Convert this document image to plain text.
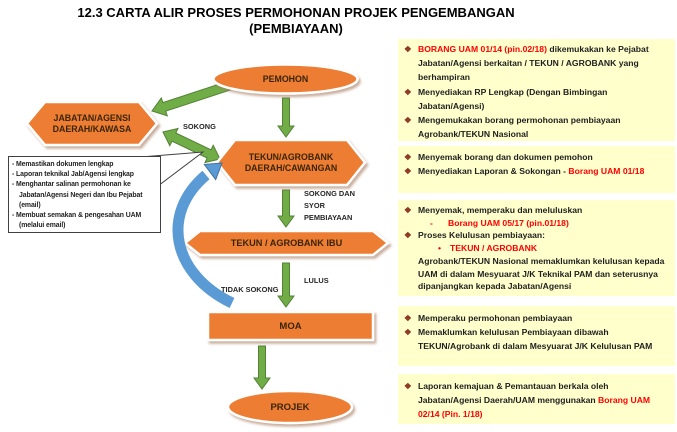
12.3 CARTA ALIR PROSES PERMOHONAN PROJEK PENGEMBANGAN
(PEMBIAYAAN)
PEMOHON
JABATAN/AGENSI
DAERAH/KAWASA
TEKUN/AGROBANK
DAERAH/CAWANGAN
TEKUN / AGROBANK IBU
MOA
PROJEK
SOKONG
SOKONG DAN SYOR PEMBIAYAAN
LULUS
TIDAK SOKONG
- Memastikan dokumen lengkap
- Laporan teknikal Jab/Agensi lengkap
- Menghantar salinan permohonan ke Jabatan/Agensi Negeri dan Ibu Pejabat (email)
- Membuat semakan & pengesahan UAM (melalui email)
❖ BORANG UAM 01/14 (pin.02/18) dikemukakan ke Pejabat Jabatan/Agensi berkaitan / TEKUN / AGROBANK yang berhampiran
❖ Menyediakan RP Lengkap (Dengan Bimbingan Jabatan/Agensi)
❖ Mengemukakan borang permohonan pembiayaan Agrobank/TEKUN Nasional
❖ Menyemak borang dan dokumen pemohon
❖ Menyediakan Laporan & Sokongan - Borang UAM 01/18
❖ Menyemak, memperaku dan meluluskan
-	Borang UAM 05/17 (pin.01/18)
❖ Proses Kelulusan pembiayaan:
•	TEKUN / AGROBANK
Agrobank/TEKUN Nasional memaklumkan kelulusan kepada UAM di dalam Mesyuarat J/K Teknikal PAM dan seterusnya dipanjangkan kepada Jabatan/Agensi
❖ Memperaku permohonan pembiayaan
❖ Memaklumkan kelulusan Pembiayaan dibawah TEKUN/Agrobank di dalam Mesyuarat J/K Kelulusan PAM
❖ Laporan kemajuan & Pemantauan berkala oleh Jabatan/Agensi Daerah/UAM menggunakan Borang UAM 02/14 (Pin. 1/18)
